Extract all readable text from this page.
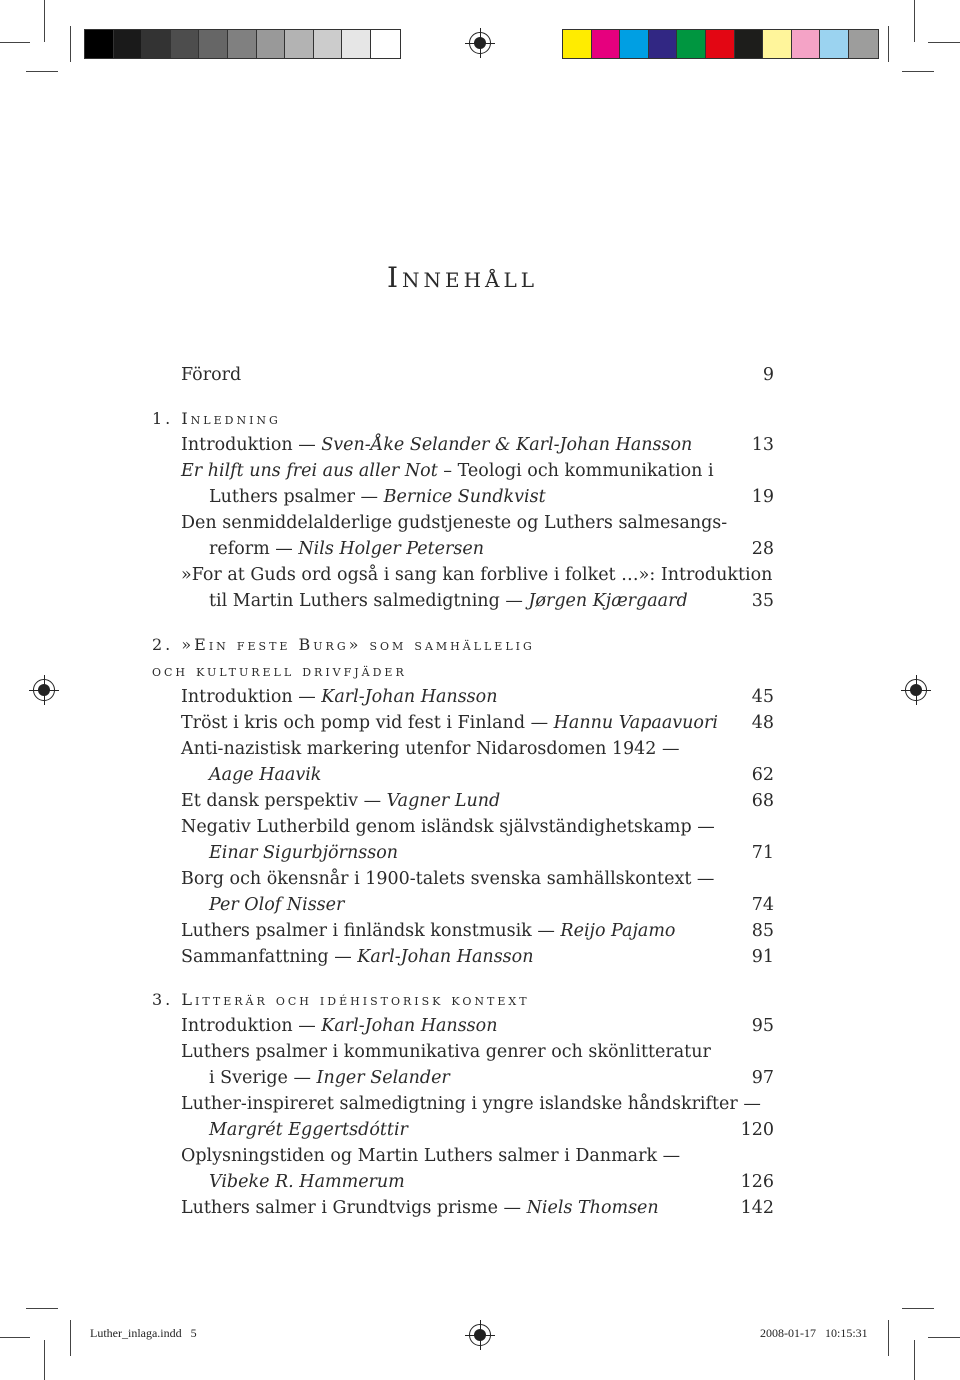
Innehåll
Förord	9
1. Inledning
Introduktion — Sven-Åke Selander & Karl-Johan Hansson	13
Er hilft uns frei aus aller Not – Teologi och kommunikation i
Luthers psalmer — Bernice Sundkvist	19
Den senmiddelalderlige gudstjeneste og Luthers salmesangs-
reform — Nils Holger Petersen	28
»For at Guds ord også i sang kan forblive i folket …»: Introduktion
til Martin Luthers salmedigtning — Jørgen Kjærgaard	35
2. »Ein feste Burg» som samhällelig
och kulturell drivfjäder
Introduktion — Karl-Johan Hansson	45
Tröst i kris och pomp vid fest i Finland — Hannu Vapaavuori 48
Anti-nazistisk markering utenfor Nidarosdomen 1942 —
Aage Haavik	62
Et dansk perspektiv — Vagner Lund	68
Negativ Lutherbild genom isländsk självständighetskamp —
Einar Sigurbjörnsson	71
Borg och ökensnår i 1900-talets svenska samhällskontext —
Per Olof Nisser	74
Luthers psalmer i finländsk konstmusik — Reijo Pajamo	85
Sammanfattning — Karl-Johan Hansson	91
3. Litterär och idéhistorisk kontext
Introduktion — Karl-Johan Hansson	95
Luthers psalmer i kommunikativa genrer och skönlitteratur
i Sverige — Inger Selander	97
Luther-inspireret salmedigtning i yngre islandske håndskrifter —
Margrét Eggertsdóttir	120
Oplysningstiden og Martin Luthers salmer i Danmark —
Vibeke R. Hammerum	126
Luthers salmer i Grundtvigs prisme — Niels Thomsen	142
Luther_inlaga.indd   5	2008-01-17   10:15:31
